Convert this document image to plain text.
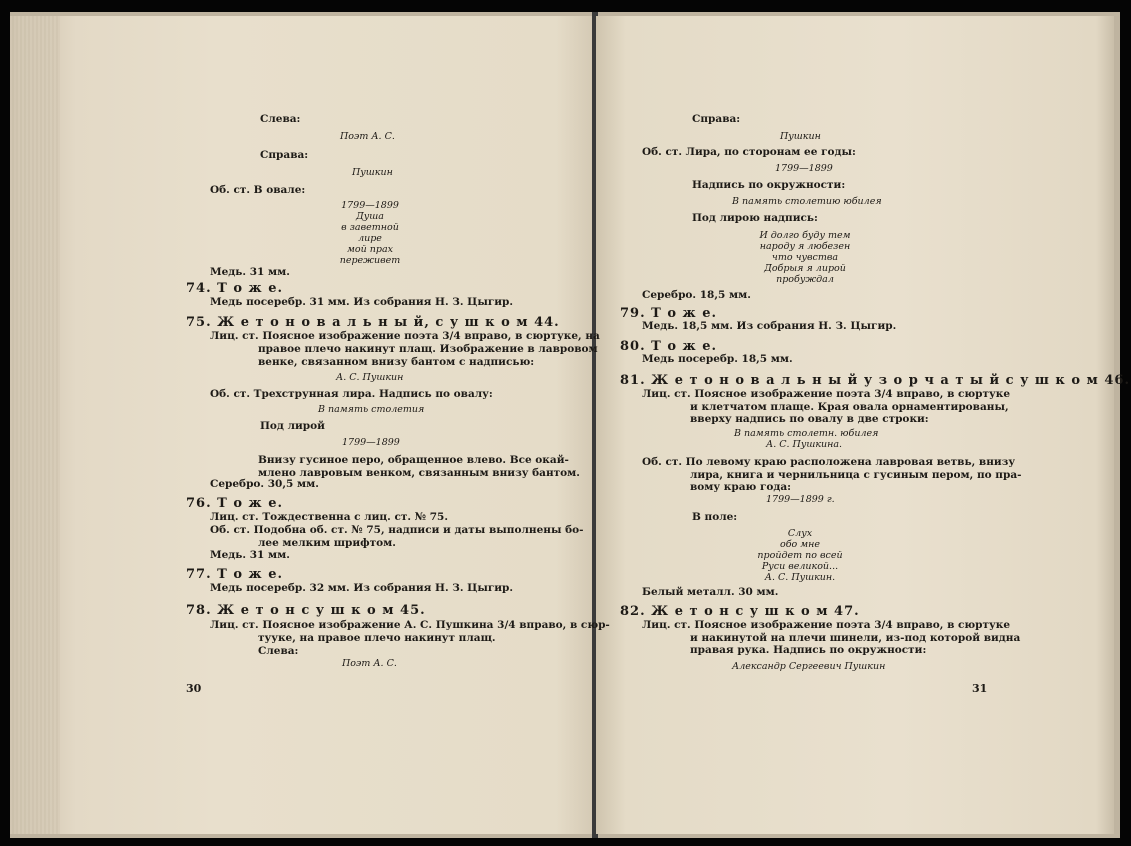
Слева:
Поэт А. С.
Справа:
Пушкин
Об. ст. В овале:
1799—1899
Душа
в заветной
лире
мой прах
переживет
Медь. 31 мм.
74. Т о ж е.
Медь посеребр. 31 мм. Из собрания Н. З. Цыгир.
75. Ж е т о н о в а л ь н ы й, с у ш к о м 44.
Лиц. ст. Поясное изображение поэта 3/4 вправо, в сюртуке, на
правое плечо накинут плащ. Изображение в лавровом
венке, связанном внизу бантом с надписью:
А. С. Пушкин
Об. ст. Трехструнная лира. Надпись по овалу:
В память столетия
Под лирой
1799—1899
Внизу гусиное перо, обращенное влево. Все окай-
млено лавровым венком, связанным внизу бантом.
Серебро. 30,5 мм.
76. Т о ж е.
Лиц. ст. Тождественна с лиц. ст. № 75.
Об. ст. Подобна об. ст. № 75, надписи и даты выполнены бо-
лее мелким шрифтом.
Медь. 31 мм.
77. Т о ж е.
Медь посеребр. 32 мм. Из собрания Н. З. Цыгир.
78. Ж е т о н с у ш к о м 45.
Лиц. ст. Поясное изображение А. С. Пушкина 3/4 вправо, в сюр-
тууке, на правое плечо накинут плащ.
Слева:
Поэт А. С.
30
Справа:
Пушкин
Об. ст. Лира, по сторонам ее годы:
1799—1899
Надпись по окружности:
В память столетию юбилея
Под лирою надпись:
И долго буду тем
народу я любезен
что чувства
Добрыя я лирой
пробуждал
Серебро. 18,5 мм.
79. Т о ж е.
Медь. 18,5 мм. Из собрания Н. З. Цыгир.
80. Т о ж е.
Медь посеребр. 18,5 мм.
81. Ж е т о н о в а л ь н ы й у з о р ч а т ы й с у ш к о м 46.
Лиц. ст. Поясное изображение поэта 3/4 вправо, в сюртуке
и клетчатом плаще. Края овала орнаментированы,
вверху надпись по овалу в две строки:
В память столетн. юбилея
А. С. Пушкина.
Об. ст. По левому краю расположена лавровая ветвь, внизу
лира, книга и чернильница с гусиным пером, по пра-
вому краю года:
1799—1899 г.
В поле:
Слух
обо мне
пройдет по всей
Руси великой...
А. С. Пушкин.
Белый металл. 30 мм.
82. Ж е т о н с у ш к о м 47.
Лиц. ст. Поясное изображение поэта 3/4 вправо, в сюртуке
и накинутой на плечи шинели, из-под которой видна
правая рука. Надпись по окружности:
Александр Сергеевич Пушкин
31
